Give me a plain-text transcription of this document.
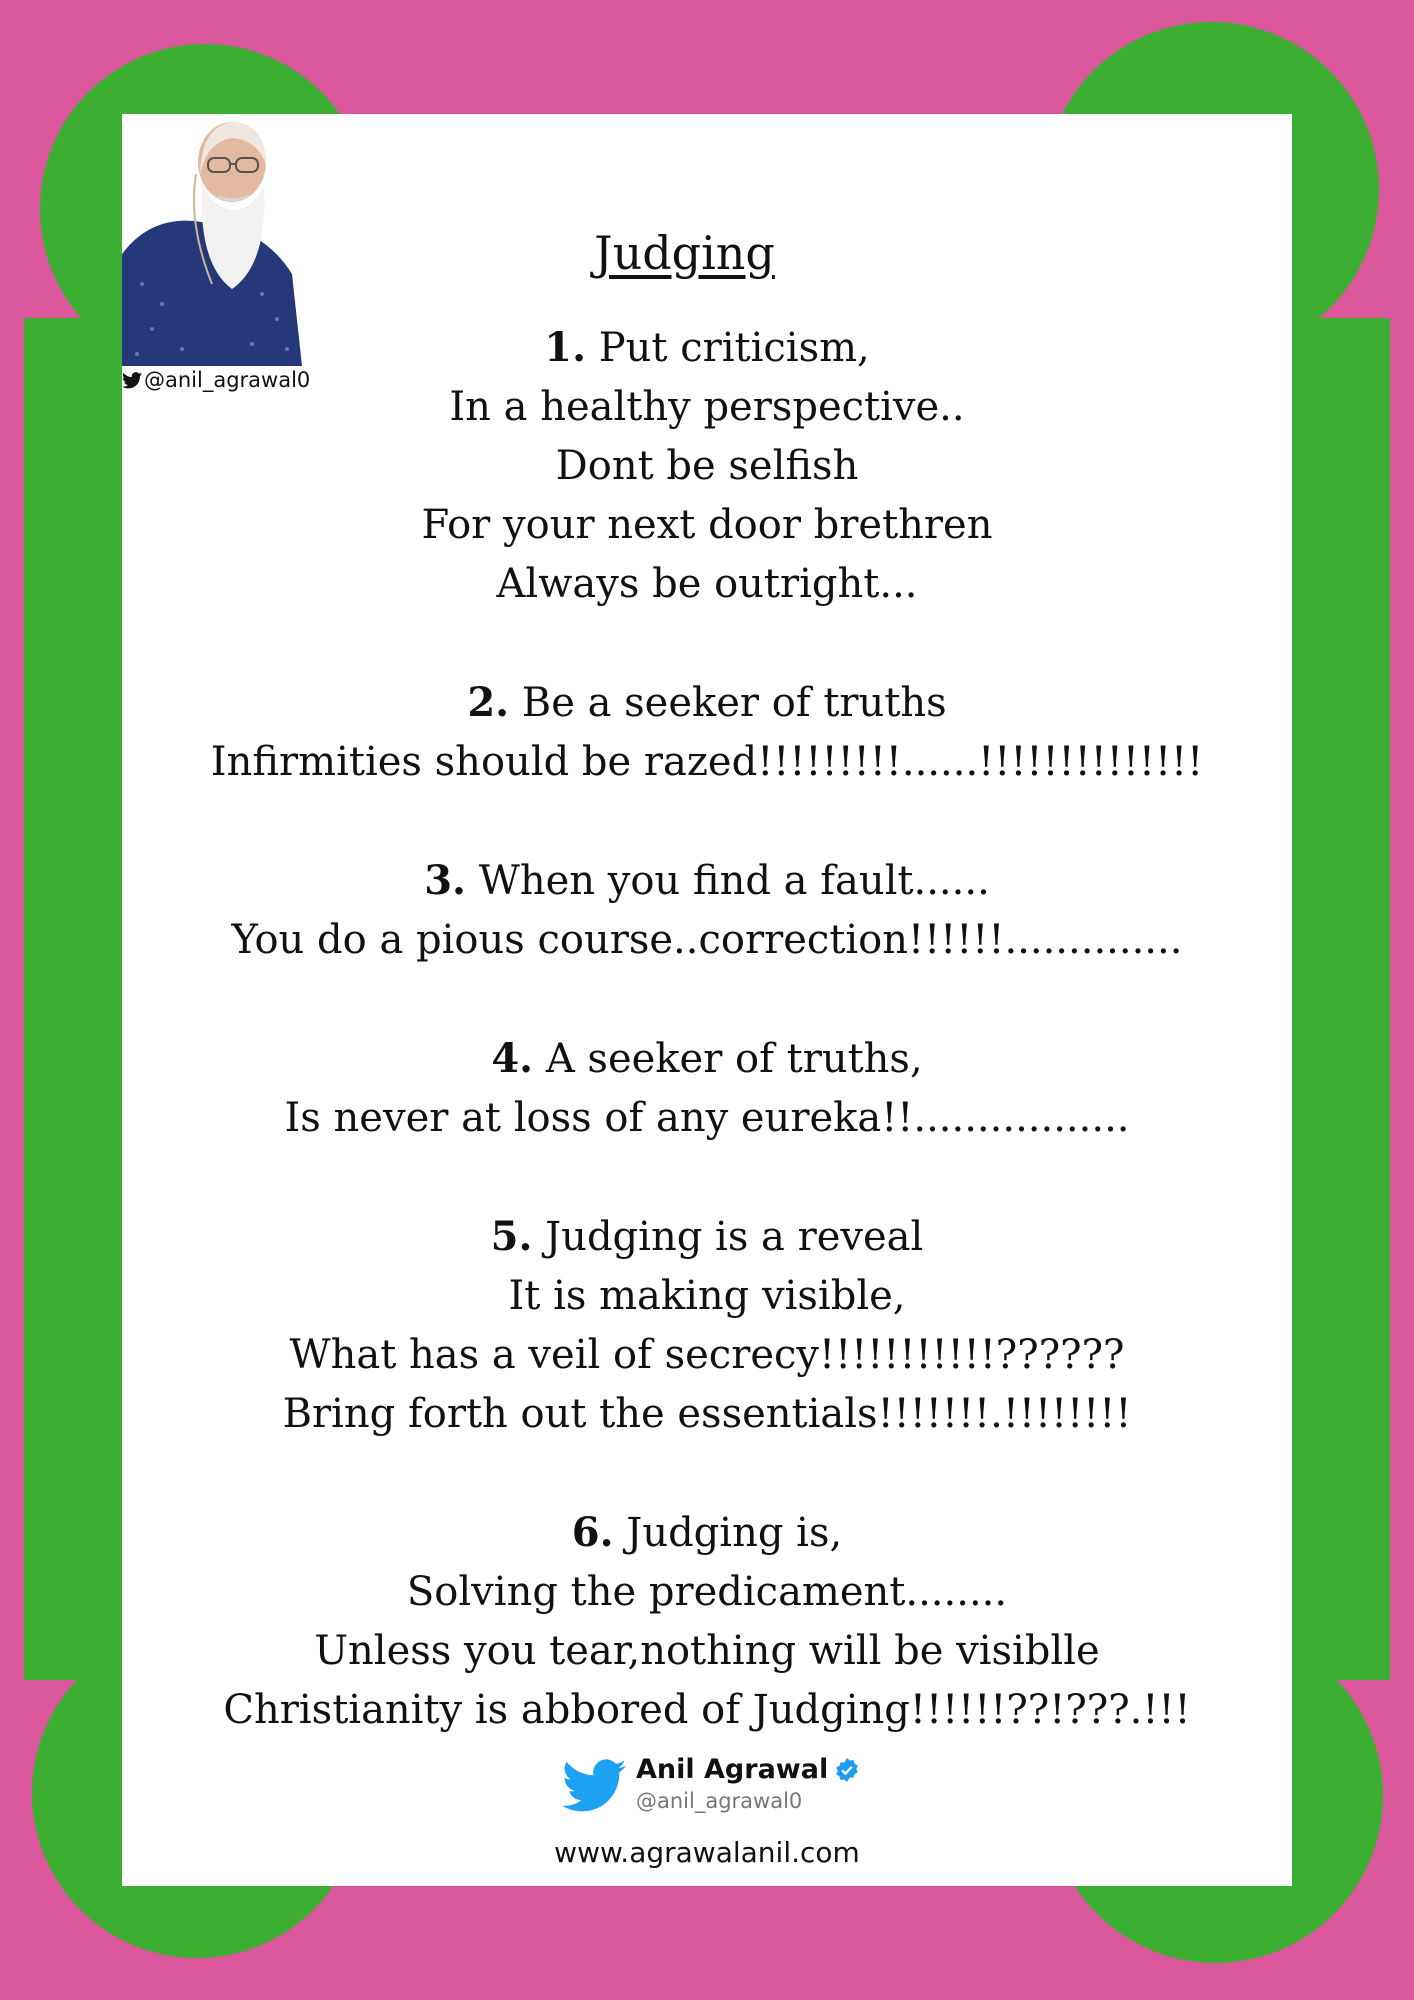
@anil_agrawal0
Judging
1. Put criticism,
In a healthy perspective..
Dont be selfish
For your next door brethren
Always be outright...
2. Be a seeker of truths
Infirmities should be razed!!!!!!!!!......!!!!!!!!!!!!!!
3. When you find a fault......
You do a pious course..correction!!!!!!..............
4. A seeker of truths,
Is never at loss of any eureka!!.................
5. Judging is a reveal
It is making visible,
What has a veil of secrecy!!!!!!!!!!!??????
Bring forth out the essentials!!!!!!!.!!!!!!!!
6. Judging is,
Solving the predicament........
Unless you tear,nothing will be visiblle
Christianity is abbored of Judging!!!!!!??!???.!!!
Anil Agrawal
@anil_agrawal0
www.agrawalanil.com
